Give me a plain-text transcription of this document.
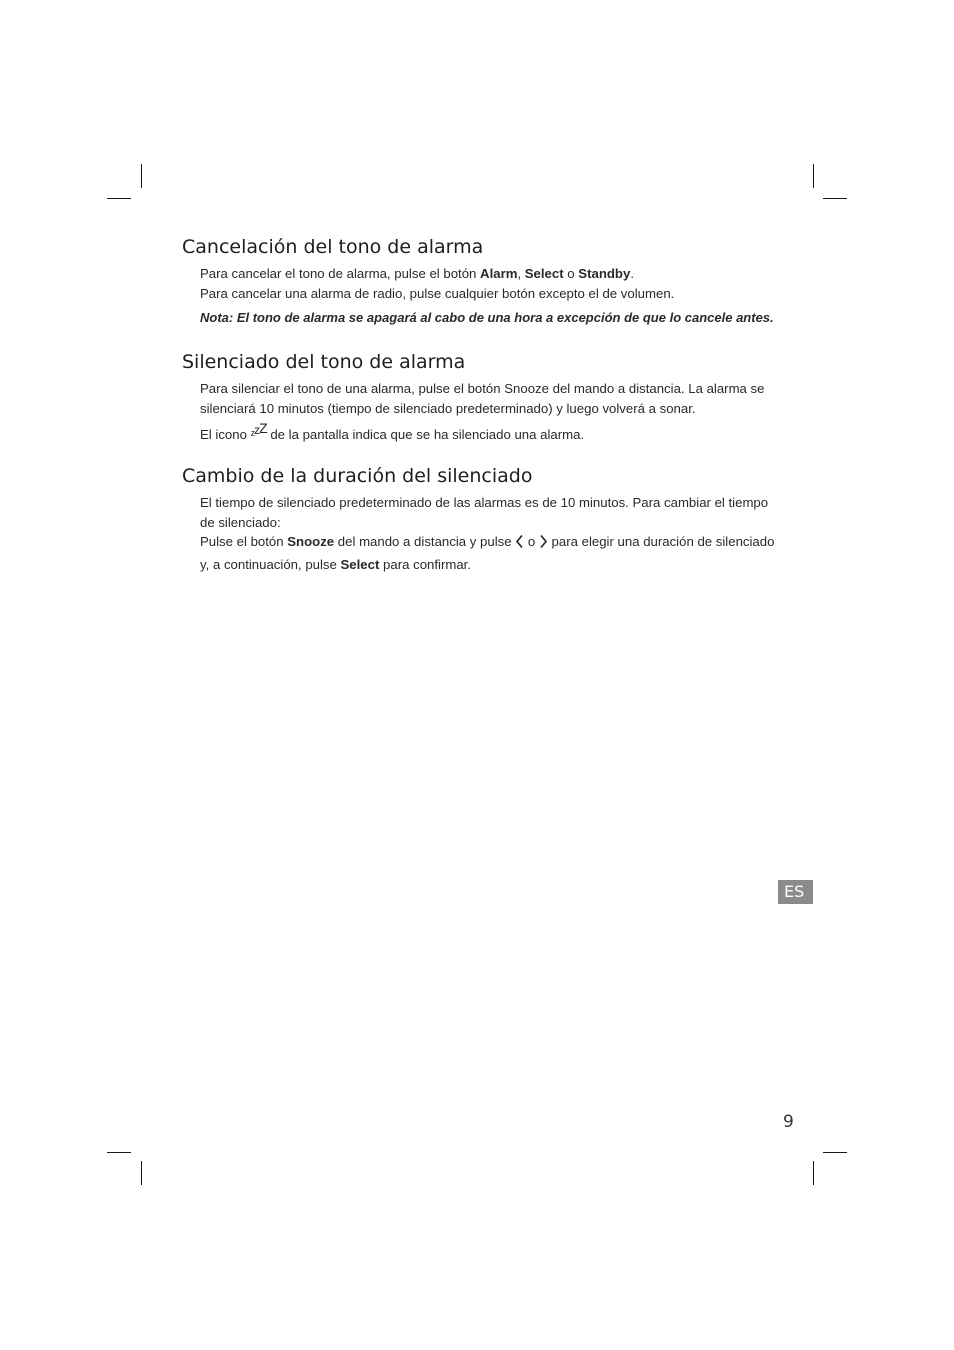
Cancelación del tono de alarma

Para cancelar el tono de alarma, pulse el botón Alarm, Select o Standby.

Para cancelar una alarma de radio, pulse cualquier botón excepto el de volumen.

Nota: El tono de alarma se apagará al cabo de una hora a excepción de que lo cancele antes.

Silenciado del tono de alarma

Para silenciar el tono de una alarma, pulse el botón Snooze del mando a distancia. La alarma se silenciará 10 minutos (tiempo de silenciado predeterminado) y luego volverá a sonar.

El icono zzZ de la pantalla indica que se ha silenciado una alarma.

Cambio de la duración del silenciado

El tiempo de silenciado predeterminado de las alarmas es de 10 minutos. Para cambiar el tiempo de silenciado:

Pulse el botón Snooze del mando a distancia y pulse  o  para elegir una duración de silenciado y, a continuación, pulse Select para confirmar.

ES
9
